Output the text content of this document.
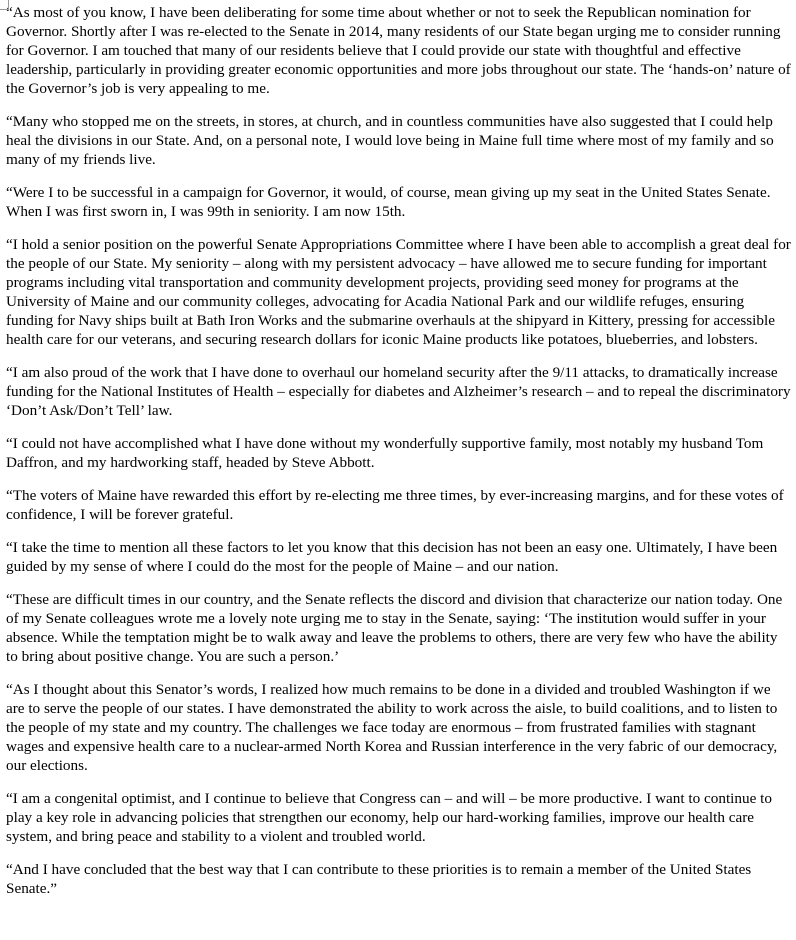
“As most of you know, I have been deliberating for some time about whether or not to seek the Republican nomination for Governor. Shortly after I was re-elected to the Senate in 2014, many residents of our State began urging me to consider running for Governor. I am touched that many of our residents believe that I could provide our state with thoughtful and effective leadership, particularly in providing greater economic opportunities and more jobs throughout our state. The ‘hands-on’ nature of the Governor’s job is very appealing to me.

“Many who stopped me on the streets, in stores, at church, and in countless communities have also suggested that I could help heal the divisions in our State. And, on a personal note, I would love being in Maine full time where most of my family and so many of my friends live.

“Were I to be successful in a campaign for Governor, it would, of course, mean giving up my seat in the United States Senate. When I was first sworn in, I was 99th in seniority. I am now 15th.

“I hold a senior position on the powerful Senate Appropriations Committee where I have been able to accomplish a great deal for the people of our State. My seniority – along with my persistent advocacy – have allowed me to secure funding for important programs including vital transportation and community development projects, providing seed money for programs at the University of Maine and our community colleges, advocating for Acadia National Park and our wildlife refuges, ensuring funding for Navy ships built at Bath Iron Works and the submarine overhauls at the shipyard in Kittery, pressing for accessible health care for our veterans, and securing research dollars for iconic Maine products like potatoes, blueberries, and lobsters.

“I am also proud of the work that I have done to overhaul our homeland security after the 9/11 attacks, to dramatically increase funding for the National Institutes of Health – especially for diabetes and Alzheimer’s research – and to repeal the discriminatory ‘Don’t Ask/Don’t Tell’ law.

“I could not have accomplished what I have done without my wonderfully supportive family, most notably my husband Tom Daffron, and my hardworking staff, headed by Steve Abbott.

“The voters of Maine have rewarded this effort by re-electing me three times, by ever-increasing margins, and for these votes of confidence, I will be forever grateful.

“I take the time to mention all these factors to let you know that this decision has not been an easy one. Ultimately, I have been guided by my sense of where I could do the most for the people of Maine – and our nation.

“These are difficult times in our country, and the Senate reflects the discord and division that characterize our nation today. One of my Senate colleagues wrote me a lovely note urging me to stay in the Senate, saying: ‘The institution would suffer in your absence. While the temptation might be to walk away and leave the problems to others, there are very few who have the ability to bring about positive change. You are such a person.’

“As I thought about this Senator’s words, I realized how much remains to be done in a divided and troubled Washington if we are to serve the people of our states. I have demonstrated the ability to work across the aisle, to build coalitions, and to listen to the people of my state and my country. The challenges we face today are enormous – from frustrated families with stagnant wages and expensive health care to a nuclear-armed North Korea and Russian interference in the very fabric of our democracy, our elections.

“I am a congenital optimist, and I continue to believe that Congress can – and will – be more productive. I want to continue to play a key role in advancing policies that strengthen our economy, help our hard-working families, improve our health care system, and bring peace and stability to a violent and troubled world.

“And I have concluded that the best way that I can contribute to these priorities is to remain a member of the United States Senate.”
